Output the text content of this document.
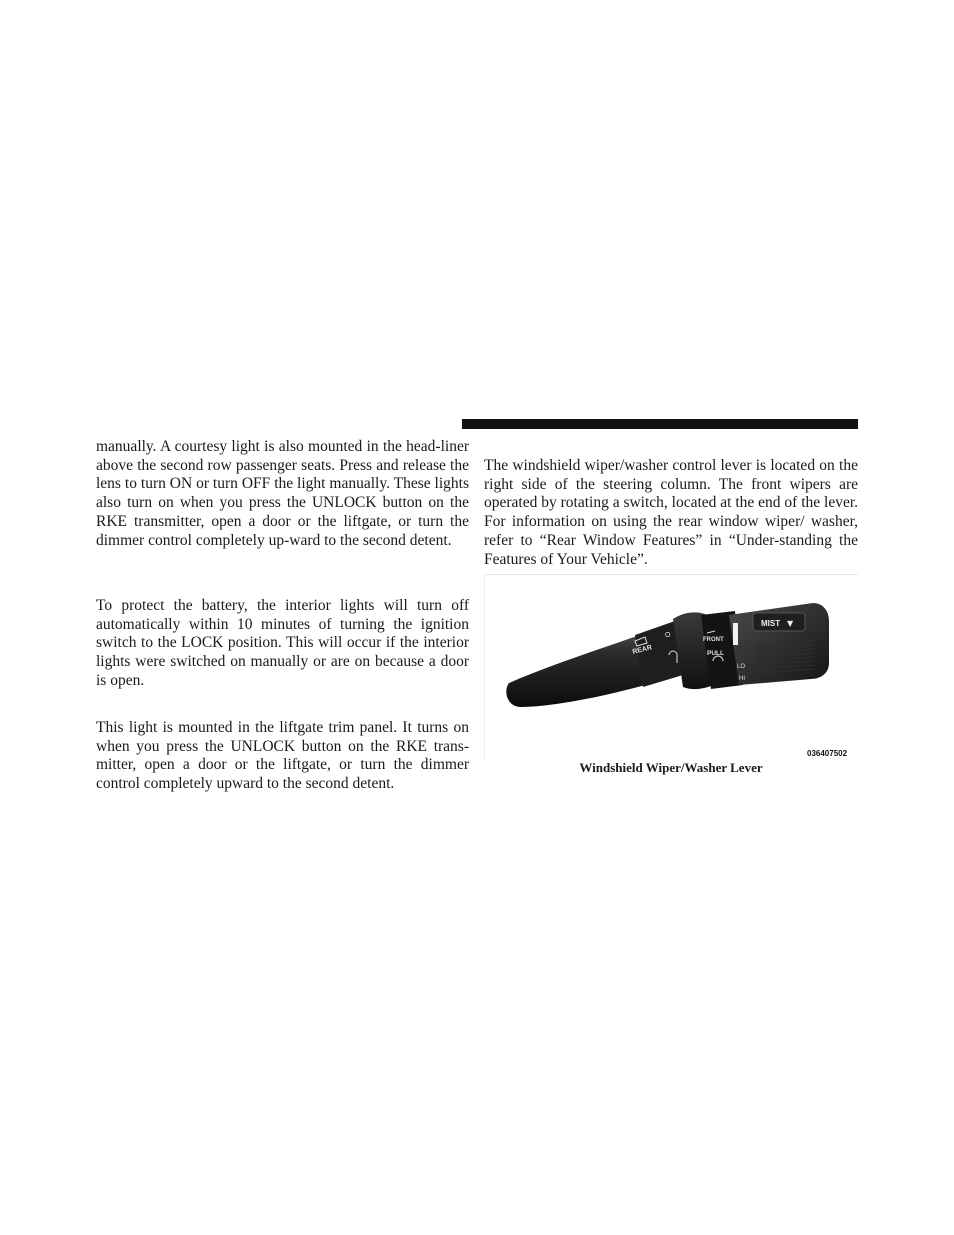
manually. A courtesy light is also mounted in the head-liner above the second row passenger seats. Press and release the lens to turn ON or turn OFF the light manually. These lights also turn on when you press the UNLOCK button on the RKE transmitter, open a door or the liftgate, or turn the dimmer control completely up-ward to the second detent.

To protect the battery, the interior lights will turn off automatically within 10 minutes of turning the ignition switch to the LOCK position. This will occur if the interior lights were switched on manually or are on because a door is open.

This light is mounted in the liftgate trim panel. It turns on when you press the UNLOCK button on the RKE trans-mitter, open a door or the liftgate, or turn the dimmer control completely upward to the second detent.

The windshield wiper/washer control lever is located on the right side of the steering column. The front wipers are operated by rotating a switch, located at the end of the lever. For information on using the rear window wiper/ washer, refer to “Rear Window Features” in “Under-standing the Features of Your Vehicle”.

REAR
O
FRONT
PULL
MIST ▼
LO
HI
036407502
Windshield Wiper/Washer Lever
